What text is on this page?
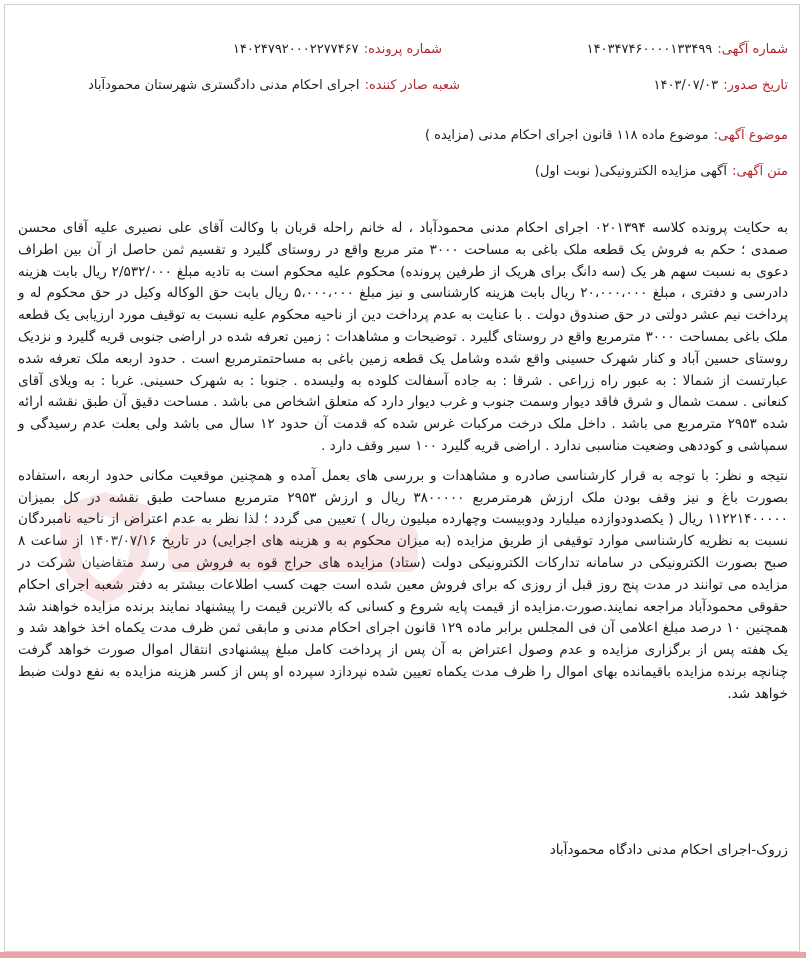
شماره آگهی: ۱۴۰۳۴۷۴۶۰۰۰۰۱۳۳۴۹۹
شماره پرونده: ۱۴۰۲۴۷۹۲۰۰۰۲۲۷۷۴۶۷
تاریخ صدور: ۱۴۰۳/۰۷/۰۳
شعبه صادر کننده: اجرای احکام مدنی دادگستری شهرستان محمودآباد
موضوع آگهی: موضوع ماده ۱۱۸ قانون اجرای احکام مدنی (مزایده )
متن آگهی: آگهی مزایده الکترونیکی( نوبت اول)

به حکایت پرونده کلاسه ۰۲۰۱۳۹۴ اجرای احکام مدنی محمودآباد ، له خانم راحله قربان با وکالت آقای علی نصیری علیه آقای محسن صمدی ؛ حکم به فروش یک قطعه ملک باغی به مساحت ۳۰۰۰ متر مربع واقع در روستای گلیرد و تقسیم ثمن حاصل از آن بین اطراف دعوی به نسبت سهم هر یک (سه دانگ برای هریک از طرفین پرونده) محکوم علیه محکوم است به تادیه مبلغ ۲/۵۳۲/۰۰۰ ریال بابت هزینه دادرسی و دفتری ، مبلغ ۲۰،۰۰۰،۰۰۰ ریال بابت هزینه کارشناسی و نیز مبلغ ۵،۰۰۰،۰۰۰ ریال بابت حق الوکاله وکیل در حق محکوم له و پرداخت نیم عشر دولتی در حق صندوق دولت . با عنایت به عدم پرداخت دین از ناحیه محکوم علیه نسبت به توقیف مورد ارزیابی یک قطعه ملک باغی بمساحت ۳۰۰۰ مترمربع واقع در روستای گلیرد . توضیحات و مشاهدات : زمین تعرفه شده در اراضی جنوبی قریه گلیرد و نزدیک روستای حسین آباد و کنار شهرک حسینی واقع شده وشامل یک قطعه زمین باغی به مساحتمترمربع است . حدود اربعه ملک تعرفه شده عبارتست از شمالا : به عبور راه زراعی . شرقا : به جاده آسفالت کلوده به ولیسده . جنوبا : به شهرک حسینی. غربا : به ویلای آقای کنعانی . سمت شمال و شرق فاقد دیوار وسمت جنوب و غرب دیوار دارد که متعلق اشخاص می باشد . مساحت دقیق آن طبق نقشه ارائه شده ۲۹۵۳ مترمربع می باشد . داخل ملک درخت مرکبات غرس شده که قدمت آن حدود ۱۲ سال می باشد ولی بعلت عدم رسیدگی و سمپاشی و کوددهی وضعیت مناسبی ندارد . اراضی قریه گلیرد ۱۰۰ سیر وقف دارد .

نتیجه و نظر: با توجه به قرار کارشناسی صادره و مشاهدات و بررسی های بعمل آمده و همچنین موقعیت مکانی حدود اربعه ،استفاده بصورت باغ و نیز وقف بودن ملک ارزش هرمترمربع ۳۸۰۰۰۰۰ ریال و ارزش ۲۹۵۳ مترمربع مساحت طبق نقشه در کل بمیزان ۱۱۲۲۱۴۰۰۰۰۰ ریال ( یکصدودوازده میلیارد ودوبیست وچهارده میلیون ریال ) تعیین می گردد ؛ لذا نظر به عدم اعتراض از ناحیه نامبردگان نسبت به نظریه کارشناسی موارد توقیفی از طریق مزایده (به میزان محکوم به و هزینه های اجرایی) در تاریخ ۱۴۰۳/۰۷/۱۶ از ساعت ۸ صبح بصورت الکترونیکی در سامانه تدارکات الکترونیکی دولت (ستاد) مزایده های حراج قوه به فروش می رسد متقاضیان شرکت در مزایده می توانند در مدت پنج روز قبل از روزی که برای فروش معین شده است جهت کسب اطلاعات بیشتر به دفتر شعبه اجرای احکام حقوقی محمودآباد مراجعه نمایند.صورت.مزایده از قیمت پایه شروع و کسانی که بالاترین قیمت را پیشنهاد نمایند برنده مزایده خواهند شد همچنین ۱۰ درصد مبلغ اعلامی آن فی المجلس برابر ماده ۱۲۹ قانون اجرای احکام مدنی و مابقی ثمن ظرف مدت یکماه اخذ خواهد شد و یک هفته پس از برگزاری مزایده و عدم وصول اعتراض به آن پس از پرداخت کامل مبلغ پیشنهادی انتقال اموال صورت خواهد گرفت چنانچه برنده مزایده باقیمانده بهای اموال را ظرف مدت یکماه تعیین شده نپردازد سپرده او پس از کسر هزینه مزایده به نفع دولت ضبط خواهد شد.

زروک-اجرای احکام مدنی دادگاه محمودآباد
